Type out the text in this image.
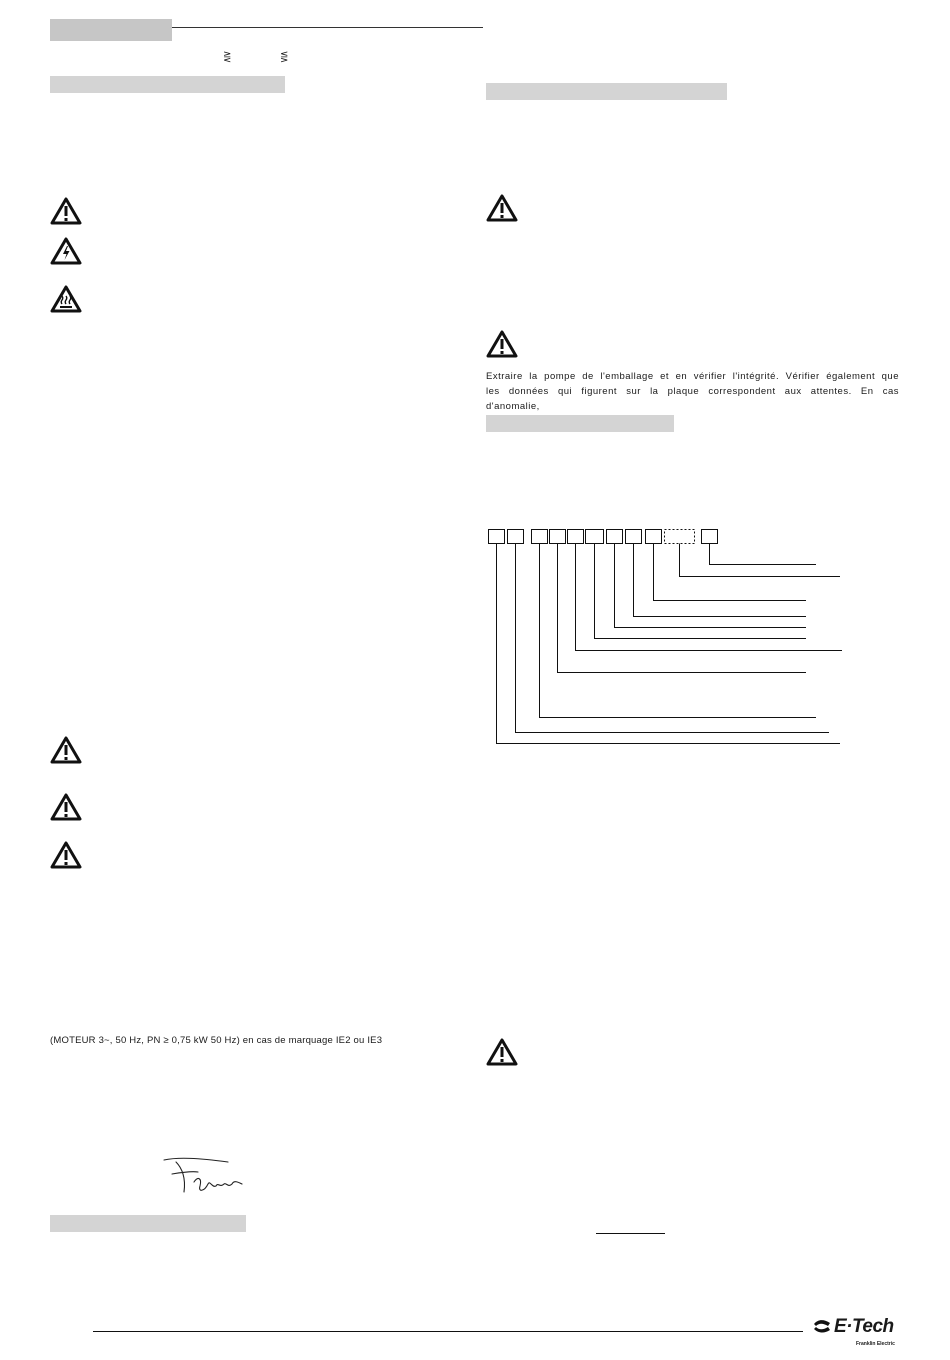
⋛	⋚
(MOTEUR 3~, 50 Hz, PN ≥ 0,75 kW 50 Hz) en cas de marquage IE2 ou IE3
Extraire la pompe de l'emballage et en vérifier l'intégrité. Vérifier également que les données qui figurent sur la plaque correspondent aux attentes. En cas d'anomalie,
E·Tech
Franklin Electric
